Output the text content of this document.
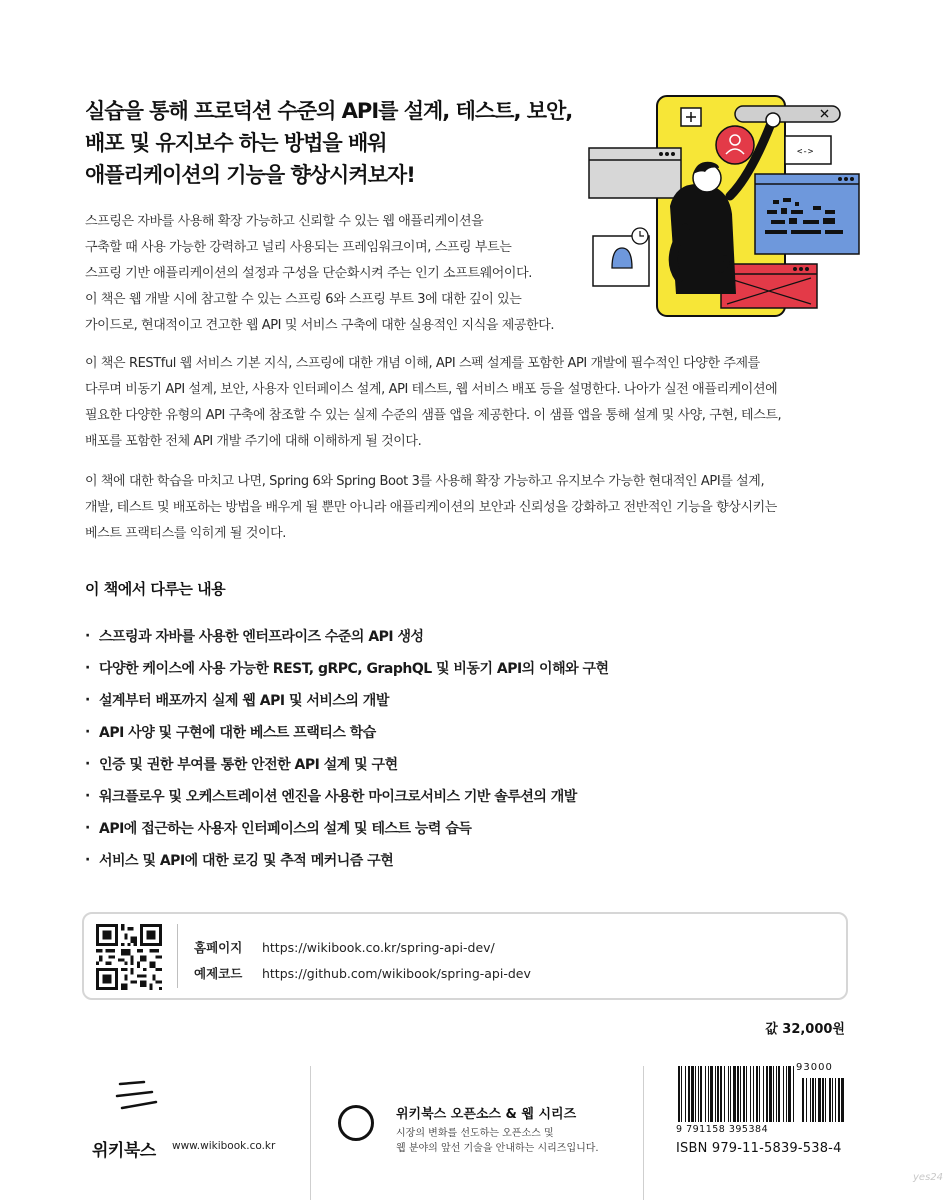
실습을 통해 프로덕션 수준의 API를 설계, 테스트, 보안,
배포 및 유지보수 하는 방법을 배워
애플리케이션의 기능을 향상시켜보자!
<->
스프링은 자바를 사용해 확장 가능하고 신뢰할 수 있는 웹 애플리케이션을
구축할 때 사용 가능한 강력하고 널리 사용되는 프레임워크이며, 스프링 부트는
스프링 기반 애플리케이션의 설정과 구성을 단순화시켜 주는 인기 소프트웨어이다.
이 책은 웹 개발 시에 참고할 수 있는 스프링 6와 스프링 부트 3에 대한 깊이 있는
가이드로, 현대적이고 견고한 웹 API 및 서비스 구축에 대한 실용적인 지식을 제공한다.
이 책은 RESTful 웹 서비스 기본 지식, 스프링에 대한 개념 이해, API 스펙 설계를 포함한 API 개발에 필수적인 다양한 주제를
다루며 비동기 API 설계, 보안, 사용자 인터페이스 설계, API 테스트, 웹 서비스 배포 등을 설명한다. 나아가 실전 애플리케이션에
필요한 다양한 유형의 API 구축에 참조할 수 있는 실제 수준의 샘플 앱을 제공한다. 이 샘플 앱을 통해 설계 및 사양, 구현, 테스트,
배포를 포함한 전체 API 개발 주기에 대해 이해하게 될 것이다.
이 책에 대한 학습을 마치고 나면, Spring 6와 Spring Boot 3를 사용해 확장 가능하고 유지보수 가능한 현대적인 API를 설계,
개발, 테스트 및 배포하는 방법을 배우게 될 뿐만 아니라 애플리케이션의 보안과 신뢰성을 강화하고 전반적인 기능을 향상시키는
베스트 프랙티스를 익히게 될 것이다.
이 책에서 다루는 내용
· 스프링과 자바를 사용한 엔터프라이즈 수준의 API 생성
· 다양한 케이스에 사용 가능한 REST, gRPC, GraphQL 및 비동기 API의 이해와 구현
· 설계부터 배포까지 실제 웹 API 및 서비스의 개발
· API 사양 및 구현에 대한 베스트 프랙티스 학습
· 인증 및 권한 부여를 통한 안전한 API 설계 및 구현
· 워크플로우 및 오케스트레이션 엔진을 사용한 마이크로서비스 기반 솔루션의 개발
· API에 접근하는 사용자 인터페이스의 설계 및 테스트 능력 습득
· 서비스 및 API에 대한 로깅 및 추적 메커니즘 구현
홈페이지 https://wikibook.co.kr/spring-api-dev/
예제코드 https://github.com/wikibook/spring-api-dev
값 32,000원
위키북스 www.wikibook.co.kr
위키북스 오픈소스 & 웹 시리즈
시장의 변화를 선도하는 오픈소스 및
웹 분야의 앞선 기술을 안내하는 시리즈입니다.
93000
9 791158 395384
ISBN 979-11-5839-538-4
yes24
